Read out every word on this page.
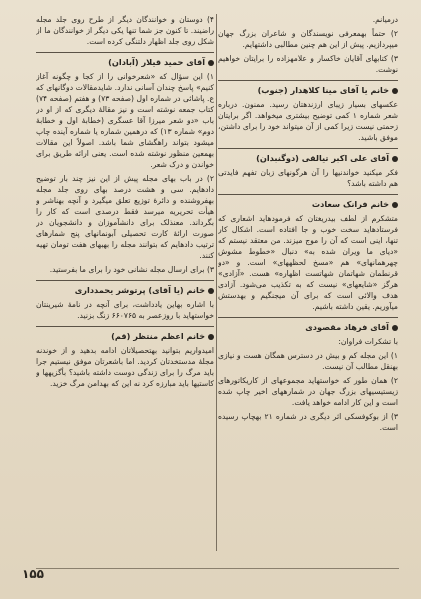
درمیانم.

۲) حتماً بهمعرفی نویسندگان و شاعران بزرگ جهان میپردازیم. پیش از این هم چنین مطالبی داشتهایم.

۳) کتابهای آقایان خاکسار و علامهزاده را برایتان خواهیم نوشت.

خانم یا آقای مینا کلاهدار (جنوب)

عکسهای بسیار زیبای ارزندهتان رسید. ممنون. درباره شعر شماره ۱ کمی توضیح بیشتری میخواهد. اگر برایتان زحمتی نیست زیرا کمی از آن میتواند خود را برای داشتن، موفق باشید.

آقای علی اکبر تیالقی (دوگنبدان)

فکر میکنید خواندنیها را آن هرگونهای زبان تفهم فایدتی هم داشته باشد؟

خانم فرانک سعادت

متشکرم از لطف بیدریغتان که فرمودهاید اشعاری که فرستادهاید سخت خوب و جا افتاده است. اشکال کار تنها، اینی است که آن را موج میزند. من معتقد نیستم که «دیای ما ویران شده به» دنبال «خطوط مشوش چهرهمانهای» هم «مسخ لحظههای» است. و «دو قرنطمان شهاتمان شهاتست اظهاره» هست. «آزادی» هرگز «شایعهای» نیست که به تکذیب می‌شود. آزادی هدف والائی است که برای آن میجنگیم و بهدستش میآوریم. یقین داشته باشیم.

آقای فرهاد مقصودی

با تشکرات فراوان:

۱) این مجله کم و بیش در دسترس همگان هست و نیازی بهنقل مطالب آن نیست.

۲) همان طور که خواستهاید مجموعهای از کاریکاتورهای زیستیسیهای بزرگ جهان در شمارههای اخیر چاپ شده است و این کار ادامه خواهد یافت.

۳) از بوکوفسکی اثر دیگری در شماره ۲۱ بهچاپ رسیده است.

۴) دوستان و خوانندگان دیگر از طرح روی جلد مجله راضیند. تا کنون جز شما تنها یکی دیگر از خوانندگان ما از شکل روی جلد اظهار دلتنگی کرده است.

آقای حمید قیلار (آبادان)

۱) این سؤال که «شعرخوانی را از کجا و چگونه آغاز کنیم» پاسخ چندان آسانی ندارد. شایدمقالات دوگانهای که ع. پاشائی در شماره اول (صفحه ۷۳) و هفتم (صفحه ۷۴) کتاب جمعه نوشته است و نیز مقالهٔ دیگری که از او در باب «دو شعر میرزا آقا عسگری (خطابهٔ اول و خطابهٔ دوم» شماره ۱۳) که درهمین شماره یا شماره آینده چاپ میشود بتواند راهگشای شما باشد. اصولاً این مقالات بهمعین منظور نوشته شده است. یعنی ارائه طریق برای خواندن و درک شعر.

۲) در باب بهای مجله پیش از این نیز چند بار توضیح دادهایم. سی و هشت درصد بهای روی جلد مجله بهفروشنده و دائرهٔ توزیع تعلق میگیرد و آنچه بهناشر و هیأت تحریریه میرسد فقط درصدی است که کار را بگرداند. معنذلک برای دانشآموزان و دانشجویان در صورت ارائهٔ کارت تحصیلی آبونمانهای پنج شمارهای ترتیب دادهایم که بتوانند مجله را بهبهای هفت تومان تهیه کنند.

۳) برای ارسال مجله نشانی خود را برای ما بفرستید.

خانم (یا آقای) پرتوشر یحمدداری

با اشاره بهاین یادداشت، برای آنچه در نامهٔ شیرینتان خواستهاید با روزعصر به ۶۶۰۷۶۵ زنگ بزنید.

خانم اعظم منتظر (قم)

امیدواریم بتوانید بهتحصیلاتان ادامه بدهید و از خوندنه مجلهٔ مدستخدتان کردید. اما باشعرتان موفق نیستیم جرا باید مرگ را برای زندگی دوست داشته باشید؟ بأگزیهها و کاستیها باید مبارزه کرد نه این که بهدامن مرگ خزید.

۱۵۵
